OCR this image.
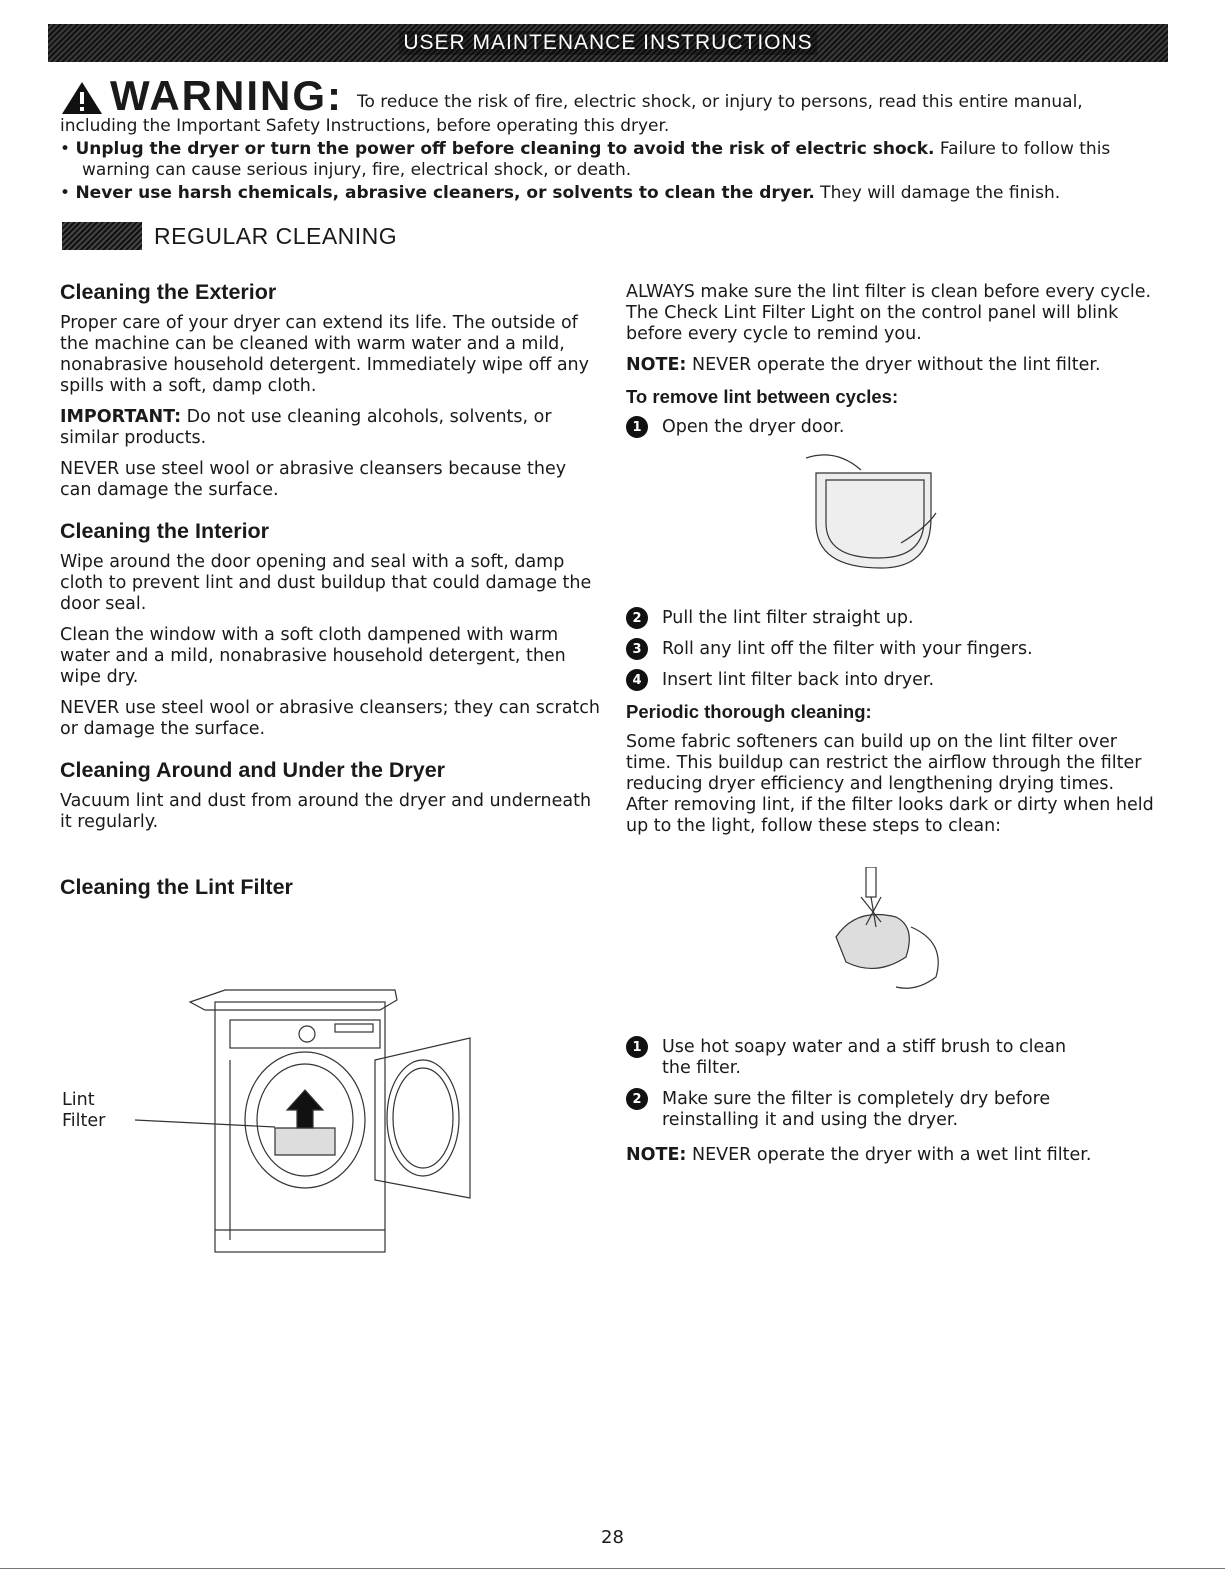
USER MAINTENANCE INSTRUCTIONS
WARNING: To reduce the risk of fire, electric shock, or injury to persons, read this entire manual,
including the Important Safety Instructions, before operating this dryer.
• Unplug the dryer or turn the power off before cleaning to avoid the risk of electric shock. Failure to follow this warning can cause serious injury, fire, electrical shock, or death.
• Never use harsh chemicals, abrasive cleaners, or solvents to clean the dryer. They will damage the finish.
REGULAR CLEANING
Cleaning the Exterior

Proper care of your dryer can extend its life. The outside of the machine can be cleaned with warm water and a mild, nonabrasive household detergent. Immediately wipe off any spills with a soft, damp cloth.

IMPORTANT: Do not use cleaning alcohols, solvents, or similar products.

NEVER use steel wool or abrasive cleansers because they can damage the surface.

Cleaning the Interior

Wipe around the door opening and seal with a soft, damp cloth to prevent lint and dust buildup that could damage the door seal.

Clean the window with a soft cloth dampened with warm water and a mild, nonabrasive household detergent, then wipe dry.

NEVER use steel wool or abrasive cleansers; they can scratch or damage the surface.

Cleaning Around and Under the Dryer

Vacuum lint and dust from around the dryer and underneath it regularly.

Cleaning the Lint Filter
Lint
Filter

ALWAYS make sure the lint filter is clean before every cycle. The Check Lint Filter Light on the control panel will blink before every cycle to remind you.

NOTE: NEVER operate the dryer without the lint filter.

To remove lint between cycles:
1	Open the dryer door.
2	Pull the lint filter straight up.
3	Roll any lint off the filter with your fingers.
4	Insert lint filter back into dryer.
Periodic thorough cleaning:

Some fabric softeners can build up on the lint filter over time. This buildup can restrict the airflow through the filter reducing dryer efficiency and lengthening drying times. After removing lint, if the filter looks dark or dirty when held up to the light, follow these steps to clean:

1	Use hot soapy water and a stiff brush to clean the filter.
2	Make sure the filter is completely dry before reinstalling it and using the dryer.

NOTE: NEVER operate the dryer with a wet lint filter.

28
